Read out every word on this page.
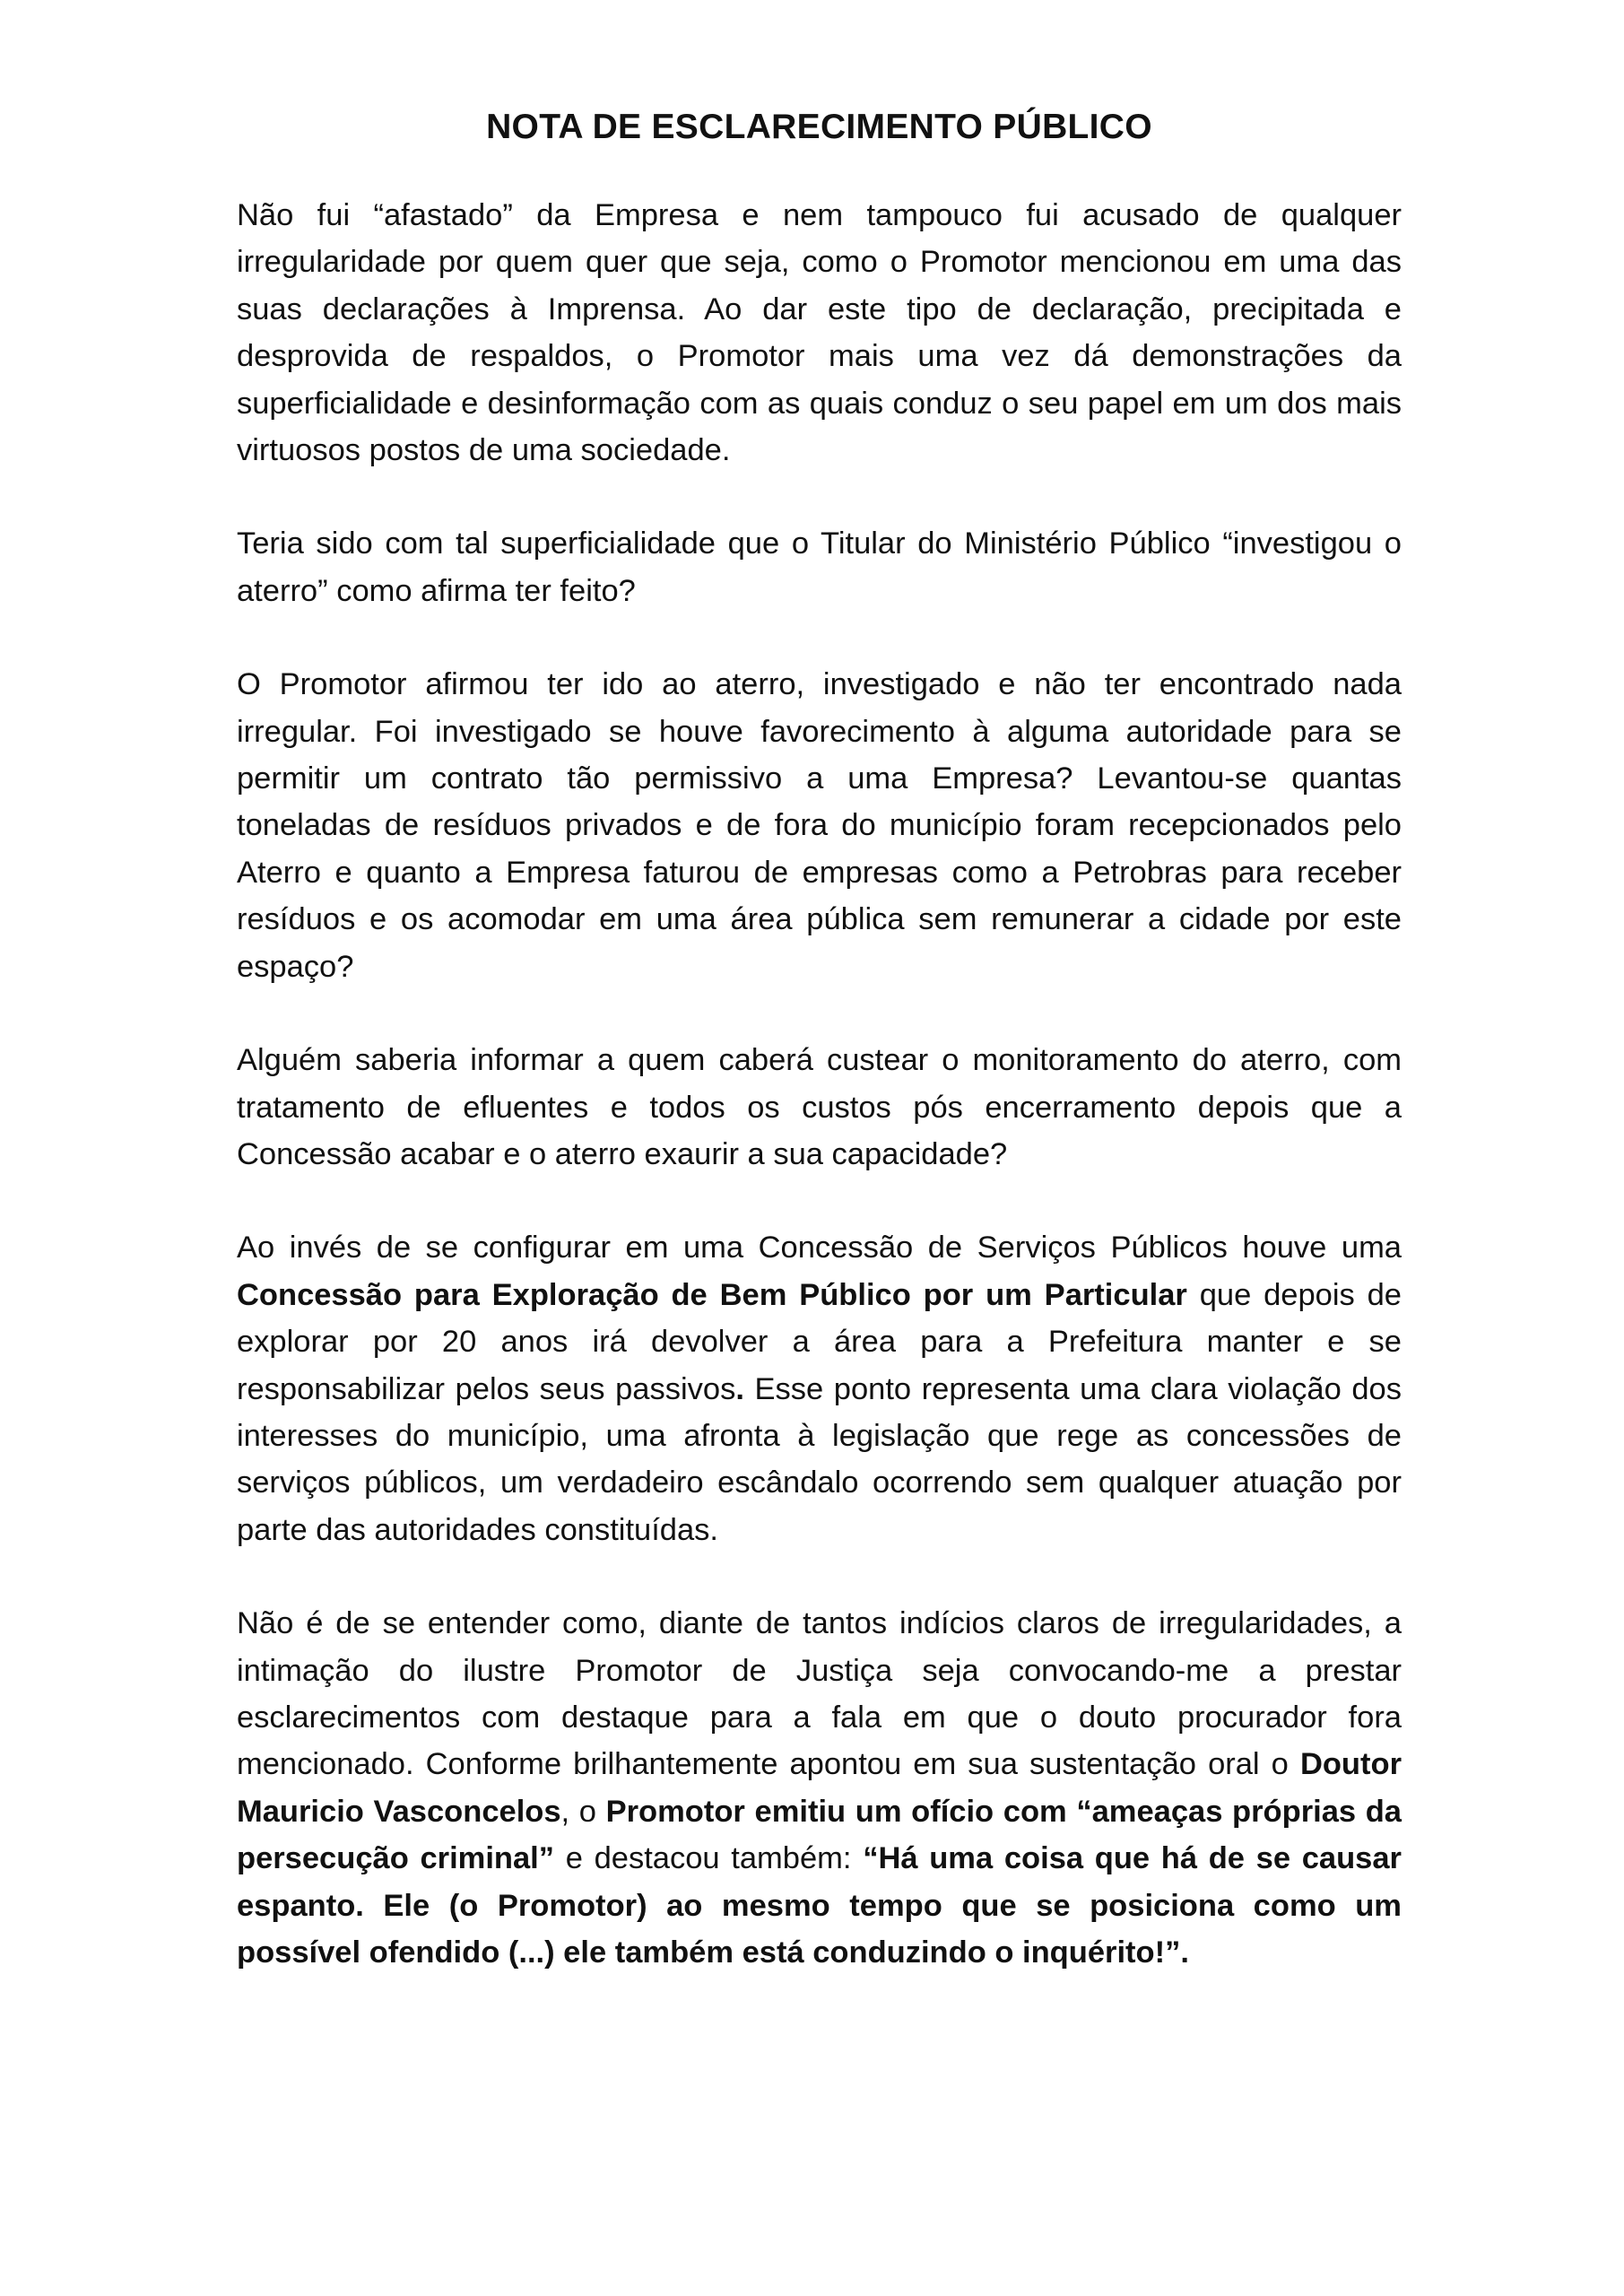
NOTA DE ESCLARECIMENTO PÚBLICO

Não fui “afastado” da Empresa e nem tampouco fui acusado de qualquer irregularidade por quem quer que seja, como o Promotor mencionou em uma das suas declarações à Imprensa. Ao dar este tipo de declaração, precipitada e desprovida de respaldos, o Promotor mais uma vez dá demonstrações da superficialidade e desinformação com as quais conduz o seu papel em um dos mais virtuosos postos de uma sociedade.

Teria sido com tal superficialidade que o Titular do Ministério Público “investigou o aterro” como afirma ter feito?

O Promotor afirmou ter ido ao aterro, investigado e não ter encontrado nada irregular. Foi investigado se houve favorecimento à alguma autoridade para se permitir um contrato tão permissivo a uma Empresa? Levantou-se quantas toneladas de resíduos privados e de fora do município foram recepcionados pelo Aterro e quanto a Empresa faturou de empresas como a Petrobras para receber resíduos e os acomodar em uma área pública sem remunerar a cidade por este espaço?

Alguém saberia informar a quem caberá custear o monitoramento do aterro, com tratamento de efluentes e todos os custos pós encerramento depois que a Concessão acabar e o aterro exaurir a sua capacidade?

Ao invés de se configurar em uma Concessão de Serviços Públicos houve uma Concessão para Exploração de Bem Público por um Particular que depois de explorar por 20 anos irá devolver a área para a Prefeitura manter e se responsabilizar pelos seus passivos. Esse ponto representa uma clara violação dos interesses do município, uma afronta à legislação que rege as concessões de serviços públicos, um verdadeiro escândalo ocorrendo sem qualquer atuação por parte das autoridades constituídas.

Não é de se entender como, diante de tantos indícios claros de irregularidades, a intimação do ilustre Promotor de Justiça seja convocando-me a prestar esclarecimentos com destaque para a fala em que o douto procurador fora mencionado. Conforme brilhantemente apontou em sua sustentação oral o Doutor Mauricio Vasconcelos, o Promotor emitiu um ofício com “ameaças próprias da persecução criminal” e destacou também: “Há uma coisa que há de se causar espanto. Ele (o Promotor) ao mesmo tempo que se posiciona como um possível ofendido (...) ele também está conduzindo o inquérito!”.
